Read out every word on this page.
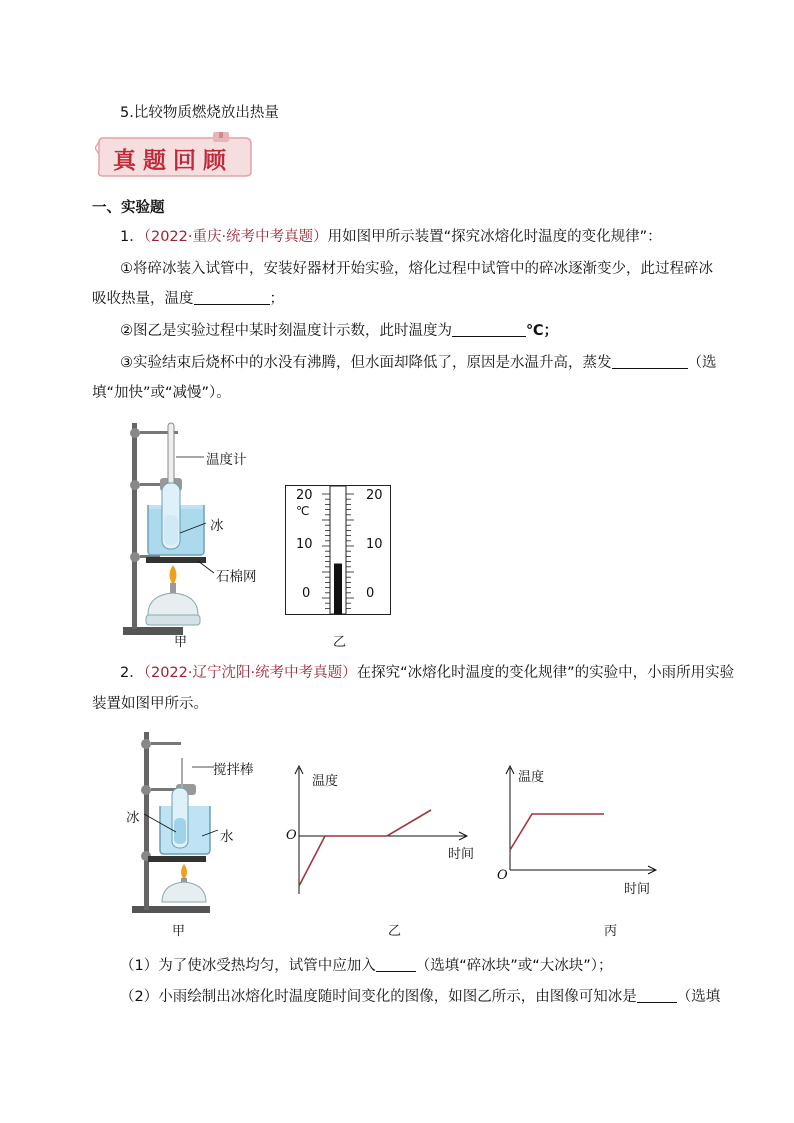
5.比较物质燃烧放出热量
真题回顾
一、实验题
1．（2022·重庆·统考中考真题）用如图甲所示装置“探究冰熔化时温度的变化规律”：
①将碎冰装入试管中，安装好器材开始实验，熔化过程中试管中的碎冰逐渐变少，此过程碎冰
吸收热量，温度	；
②图乙是实验过程中某时刻温度计示数，此时温度为	℃；
③实验结束后烧杯中的水没有沸腾，但水面却降低了，原因是水温升高，蒸发	（选
填“加快”或“减慢”）。
温度计
冰
石棉网
甲
20
℃
10
0
20
10
0
乙
2．（2022·辽宁沈阳·统考中考真题）在探究“冰熔化时温度的变化规律”的实验中，小雨所用实验
装置如图甲所示。
搅拌棒
冰
水
甲
温度
时间
O
乙
温度
时间
O
丙
（1）为了使冰受热均匀，试管中应加入	（选填“碎冰块”或“大冰块”）；
（2）小雨绘制出冰熔化时温度随时间变化的图像，如图乙所示，由图像可知冰是	（选填
